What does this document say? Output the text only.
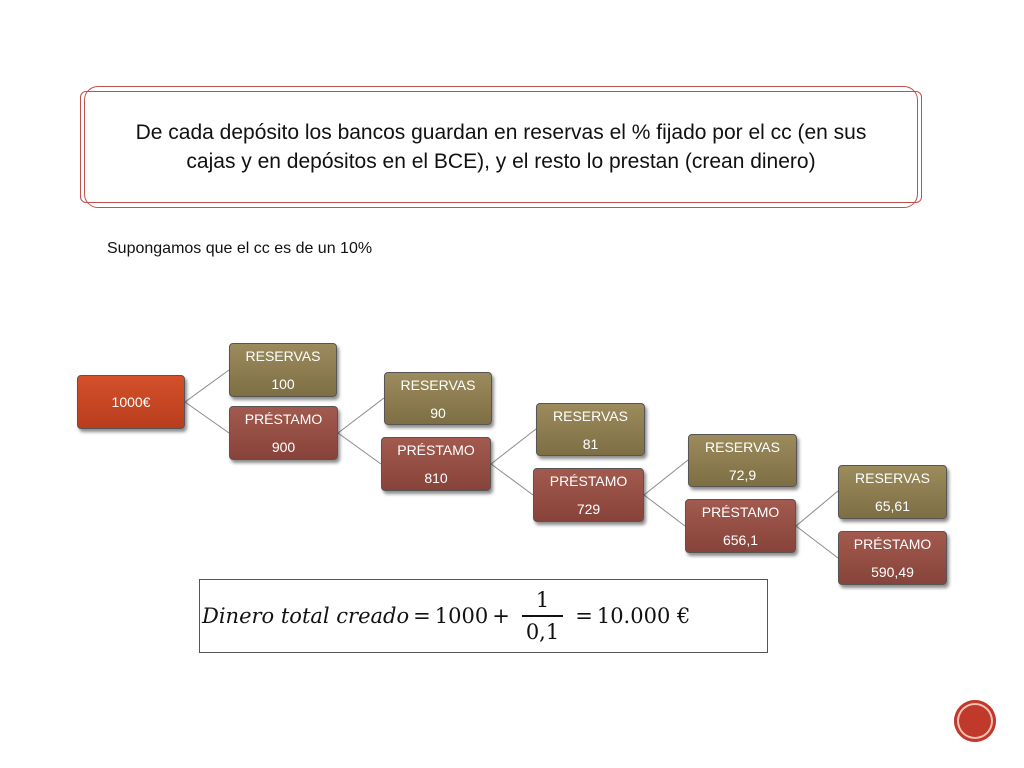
De cada depósito los bancos guardan en reservas el % fijado por el cc (en sus cajas y en depósitos en el BCE), y el resto lo prestan (crean dinero)
Supongamos que el cc es de un 10%
1000€
RESERVAS
100
PRÉSTAMO
900
RESERVAS
90
PRÉSTAMO
810
RESERVAS
81
PRÉSTAMO
729
RESERVAS
72,9
PRÉSTAMO
656,1
RESERVAS
65,61
PRÉSTAMO
590,49
Dinero total creado = $1000 + \frac{1}{0,1} = 10.000$ €
